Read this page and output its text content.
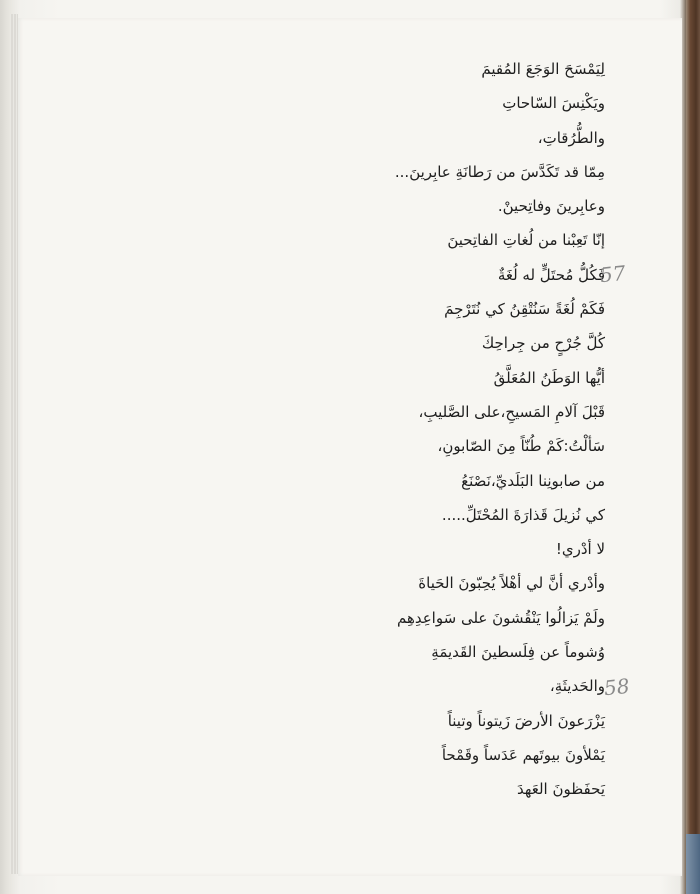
لِيَمْسَحَ الوَجَعَ المُقيمَ
ويَكْنِسَ السّاحاتِ
والطُّرُقاتِ،
مِمّا قد تَكَدَّسَ من رَطانَةِ عابِرينَ...
وعابِرينَ وفاتِحينْ.
إنّا تَعِبْنا من لُغاتِ الفاتِحينَ
فَكُلُّ مُحتَلٍّ له لُغَةٌ
فَكَمْ لُغَةً سَنُتْقِنُ كي نُتَرْجِمَ
كُلَّ جُرْحٍ من جِراحِكَ
أيُّها الوَطَنُ المُعَلَّقُ
قَبْلَ آلامِ المَسيحِ،على الصَّليبِ،
سَألْتُ:كَمْ طُنّاً مِنَ الصّابونِ،
من صابونِنا البَلَديِّ،نَصْنَعُ
كي نُزيلَ قَذارَةَ المُحْتَلِّ.....
لا أدْري!
وأدْري أنَّ لي أهْلاً يُحِبّونَ الحَياةَ
ولَمْ يَزالُوا يَنْقُشونَ على سَواعِدِهِم
وُشوماً عن فِلَسطينَ القَديمَةِ
والحَديثَةِ،
يَزْرَعونَ الأرضَ زَيتوناً وتيناً
يَمْلأونَ بيوتَهم عَدَساً وقَمْحاً
يَحفَظونَ العَهدَ
57
58
